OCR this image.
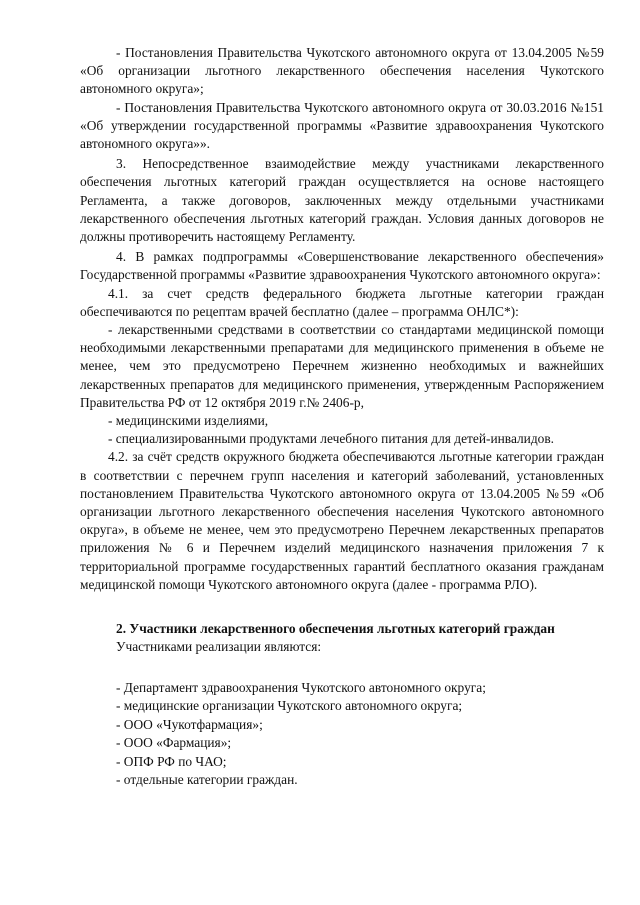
- Постановления Правительства Чукотского автономного округа от 13.04.2005 №59 «Об организации льготного лекарственного обеспечения населения Чукотского автономного округа»;

- Постановления Правительства Чукотского автономного округа от 30.03.2016 №151 «Об утверждении государственной программы «Развитие здравоохранения Чукотского автономного округа»».

3. Непосредственное взаимодействие между участниками лекарственного обеспечения льготных категорий граждан осуществляется на основе настоящего Регламента, а также договоров, заключенных между отдельными участниками лекарственного обеспечения льготных категорий граждан. Условия данных договоров не должны противоречить настоящему Регламенту.

4. В рамках подпрограммы «Совершенствование лекарственного обеспечения» Государственной программы «Развитие здравоохранения Чукотского автономного округа»:

4.1. за счет средств федерального бюджета льготные категории граждан обеспечиваются по рецептам врачей бесплатно (далее – программа ОНЛС*):

- лекарственными средствами в соответствии со стандартами медицинской помощи необходимыми лекарственными препаратами для медицинского применения в объеме не менее, чем это предусмотрено Перечнем жизненно необходимых и важнейших лекарственных препаратов для медицинского применения, утвержденным Распоряжением Правительства РФ от 12 октября 2019 г.№ 2406-р,

- медицинскими изделиями,

- специализированными продуктами лечебного питания для детей-инвалидов.

4.2. за счёт средств окружного бюджета обеспечиваются льготные категории граждан в соответствии с перечнем групп населения и категорий заболеваний, установленных постановлением Правительства Чукотского автономного округа от 13.04.2005 №59 «Об организации льготного лекарственного обеспечения населения Чукотского автономного округа», в объеме не менее, чем это предусмотрено Перечнем лекарственных препаратов приложения № 6 и Перечнем изделий медицинского назначения приложения 7 к территориальной программе государственных гарантий бесплатного оказания гражданам медицинской помощи Чукотского автономного округа (далее - программа РЛО).

2. Участники лекарственного обеспечения льготных категорий граждан
Участниками реализации являются:
- Департамент здравоохранения Чукотского автономного округа;
- медицинские организации Чукотского автономного округа;
- ООО «Чукотфармация»;
- ООО «Фармация»;
- ОПФ РФ по ЧАО;
- отдельные категории граждан.
